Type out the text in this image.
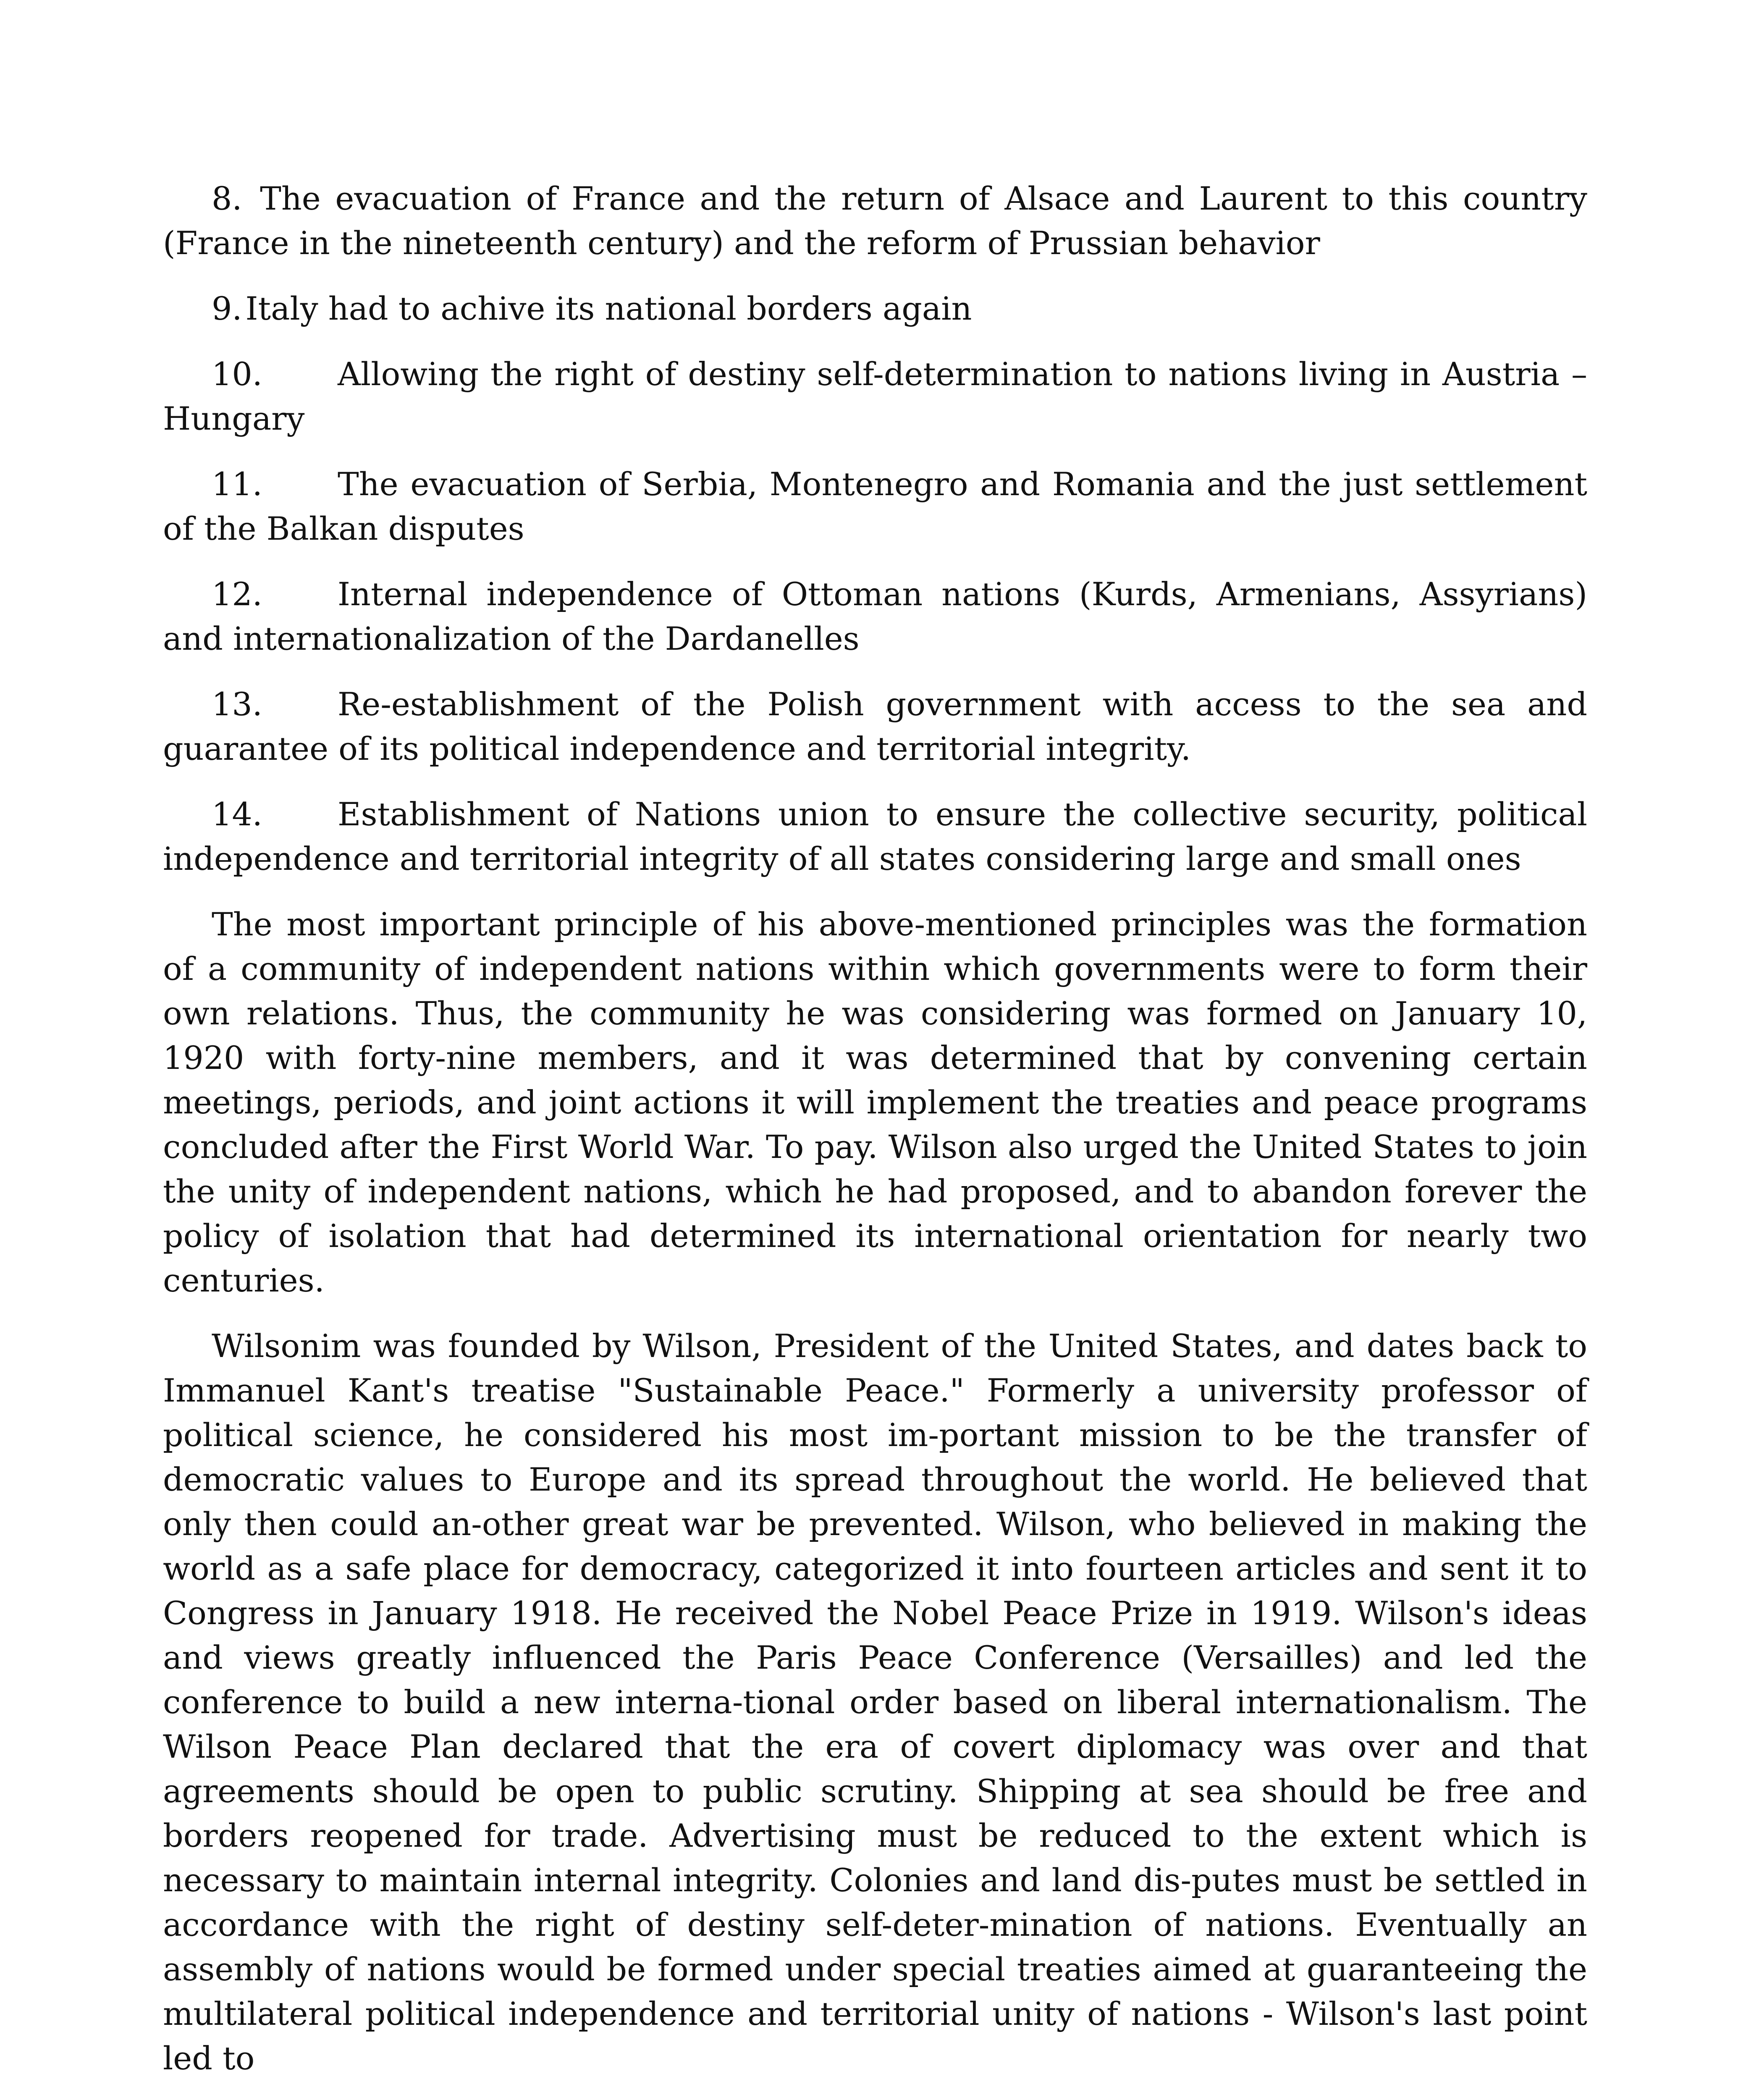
8. The evacuation of France and the return of Alsace and Laurent to this country (France in the nineteenth century) and the reform of Prussian behavior
9. Italy had to achive its national borders again
10. Allowing the right of destiny self-determination to nations living in Austria – Hungary
11. The evacuation of Serbia, Montenegro and Romania and the just settlement of the Balkan disputes
12. Internal independence of Ottoman nations (Kurds, Armenians, Assyrians) and internationalization of the Dardanelles
13. Re-establishment of the Polish government with access to the sea and guarantee of its political independence and territorial integrity.
14. Establishment of Nations union to ensure the collective security, political independence and territorial integrity of all states considering large and small ones

The most important principle of his above-mentioned principles was the formation of a community of independent nations within which governments were to form their own relations. Thus, the community he was considering was formed on January 10, 1920 with forty-nine members, and it was determined that by convening certain meetings, periods, and joint actions it will implement the treaties and peace programs concluded after the First World War. To pay. Wilson also urged the United States to join the unity of independent nations, which he had proposed, and to abandon forever the policy of isolation that had determined its international orientation for nearly two centuries.

Wilsonim was founded by Wilson, President of the United States, and dates back to Immanuel Kant's treatise "Sustainable Peace." Formerly a university professor of political science, he considered his most im-portant mission to be the transfer of democratic values to Europe and its spread throughout the world. He believed that only then could an-other great war be prevented. Wilson, who believed in making the world as a safe place for democracy, categorized it into fourteen articles and sent it to Congress in January 1918. He received the Nobel Peace Prize in 1919. Wilson's ideas and views greatly influenced the Paris Peace Conference (Versailles) and led the conference to build a new interna-tional order based on liberal internationalism. The Wilson Peace Plan declared that the era of covert diplomacy was over and that agreements should be open to public scrutiny. Shipping at sea should be free and borders reopened for trade. Advertising must be reduced to the extent which is necessary to maintain internal integrity. Colonies and land dis-putes must be settled in accordance with the right of destiny self-deter-mination of nations. Eventually an assembly of nations would be formed under special treaties aimed at guaranteeing the multilateral political independence and territorial unity of nations - Wilson's last point led to
